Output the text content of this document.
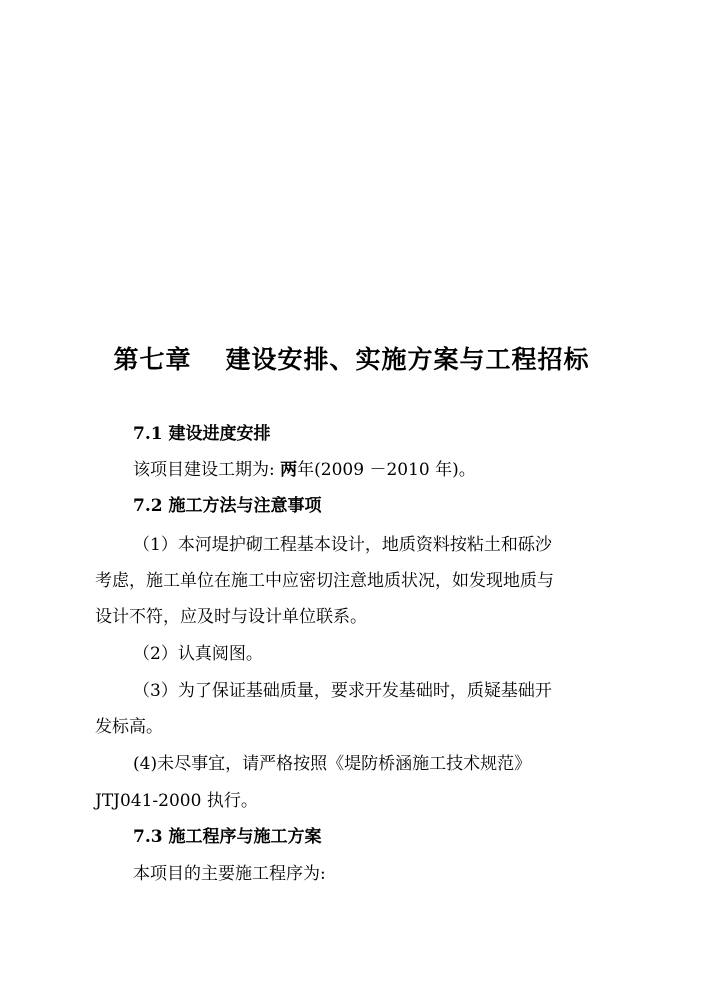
第七章 建设安排、实施方案与工程招标
7.1 建设进度安排
该项目建设工期为: 两年(2009 －2010 年)。
7.2 施工方法与注意事项
（1）本河堤护砌工程基本设计，地质资料按粘土和砾沙
考虑，施工单位在施工中应密切注意地质状况，如发现地质与
设计不符，应及时与设计单位联系。
（2）认真阅图。
（3）为了保证基础质量，要求开发基础时，质疑基础开
发标高。
(4)未尽事宜，请严格按照《堤防桥涵施工技术规范》
JTJ041-2000 执行。
7.3 施工程序与施工方案
本项目的主要施工程序为:
